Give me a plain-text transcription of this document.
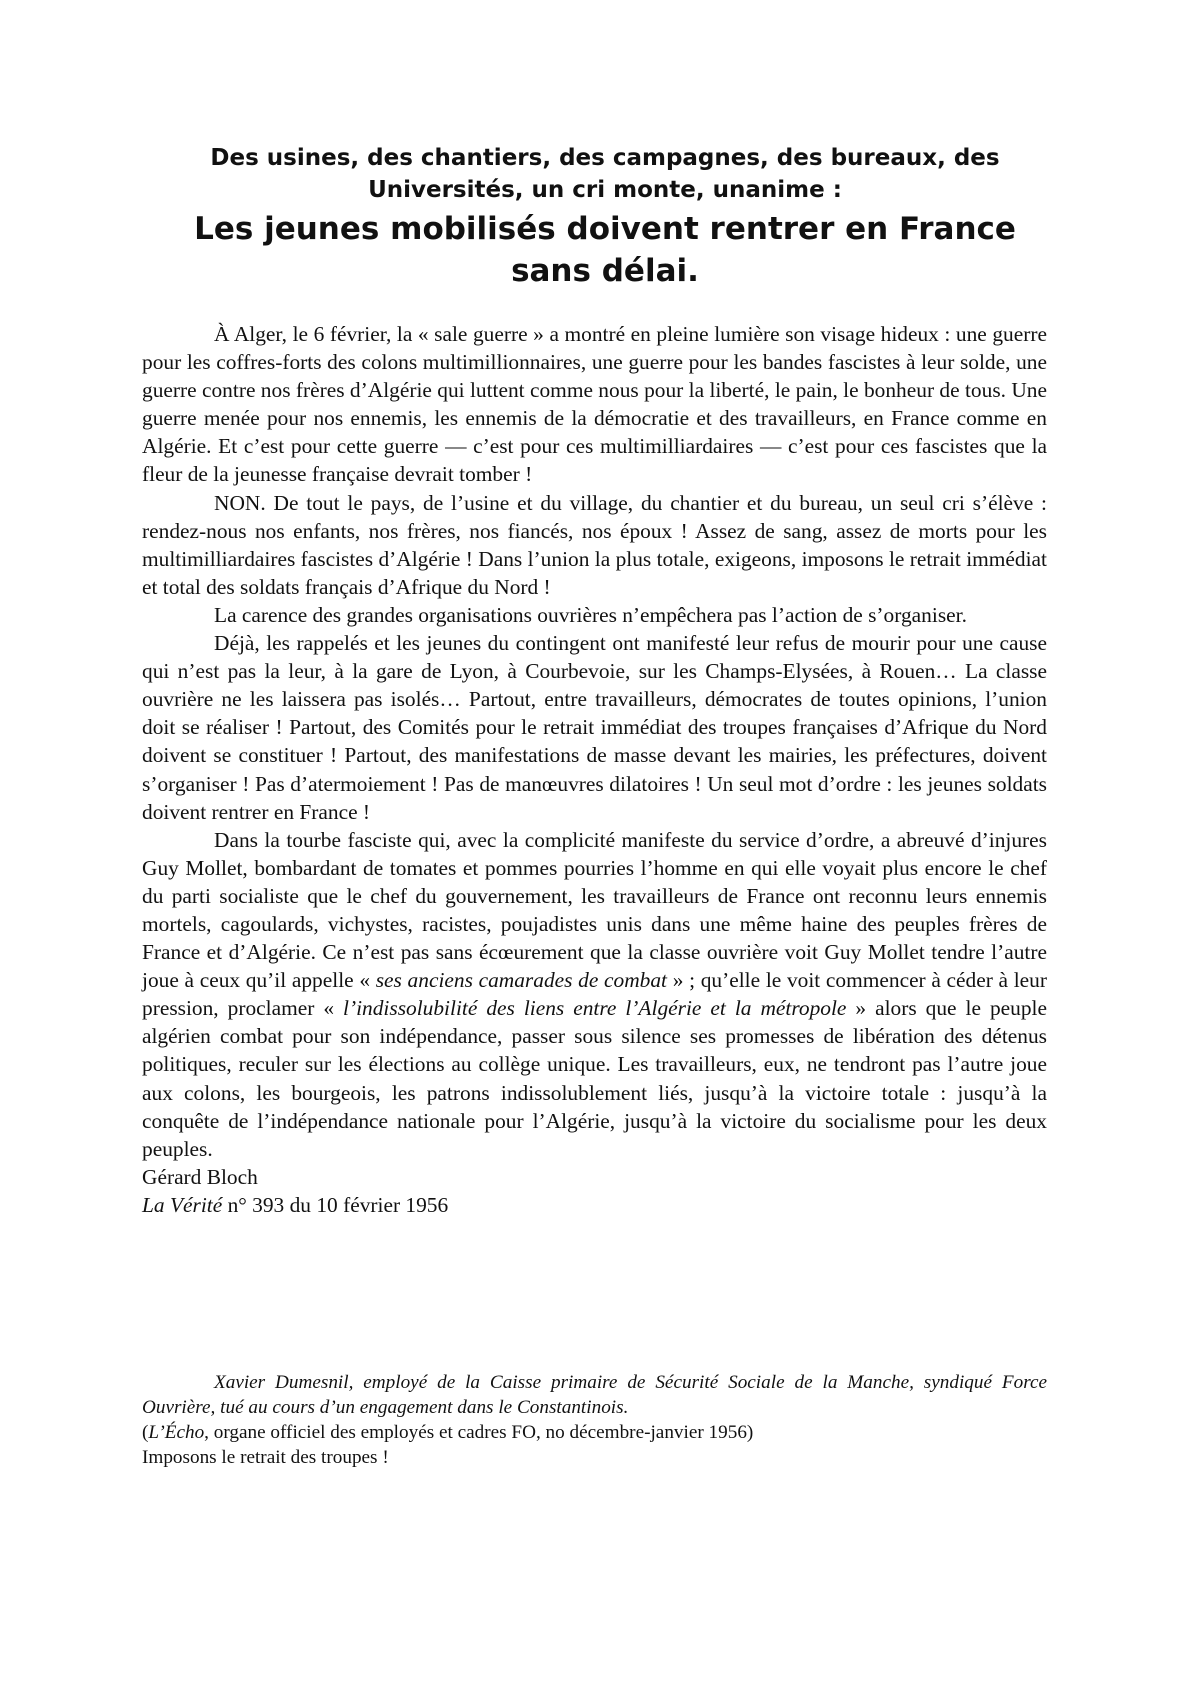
Des usines, des chantiers, des campagnes, des bureaux, des Universités, un cri monte, unanime :
Les jeunes mobilisés doivent rentrer en France sans délai.

À Alger, le 6 février, la « sale guerre » a montré en pleine lumière son visage hideux : une guerre pour les coffres-forts des colons multimillionnaires, une guerre pour les bandes fascistes à leur solde, une guerre contre nos frères d’Algérie qui luttent comme nous pour la liberté, le pain, le bonheur de tous. Une guerre menée pour nos ennemis, les ennemis de la démocratie et des travailleurs, en France comme en Algérie. Et c’est pour cette guerre — c’est pour ces multimilliardaires — c’est pour ces fascistes que la fleur de la jeunesse française devrait tomber !

NON. De tout le pays, de l’usine et du village, du chantier et du bureau, un seul cri s’élève : rendez-nous nos enfants, nos frères, nos fiancés, nos époux ! Assez de sang, assez de morts pour les multimilliardaires fascistes d’Algérie ! Dans l’union la plus totale, exigeons, imposons le retrait immédiat et total des soldats français d’Afrique du Nord !

La carence des grandes organisations ouvrières n’empêchera pas l’action de s’organiser.

Déjà, les rappelés et les jeunes du contingent ont manifesté leur refus de mourir pour une cause qui n’est pas la leur, à la gare de Lyon, à Courbevoie, sur les Champs-Elysées, à Rouen… La classe ouvrière ne les laissera pas isolés… Partout, entre travailleurs, démocrates de toutes opinions, l’union doit se réaliser ! Partout, des Comités pour le retrait immédiat des troupes françaises d’Afrique du Nord doivent se constituer ! Partout, des manifestations de masse devant les mairies, les préfectures, doivent s’organiser ! Pas d’atermoiement ! Pas de manœuvres dilatoires ! Un seul mot d’ordre : les jeunes soldats doivent rentrer en France !

Dans la tourbe fasciste qui, avec la complicité manifeste du service d’ordre, a abreuvé d’injures Guy Mollet, bombardant de tomates et pommes pourries l’homme en qui elle voyait plus encore le chef du parti socialiste que le chef du gouvernement, les travailleurs de France ont reconnu leurs ennemis mortels, cagoulards, vichystes, racistes, poujadistes unis dans une même haine des peuples frères de France et d’Algérie. Ce n’est pas sans écœurement que la classe ouvrière voit Guy Mollet tendre l’autre joue à ceux qu’il appelle « ses anciens camarades de combat » ; qu’elle le voit commencer à céder à leur pression, proclamer « l’indissolubilité des liens entre l’Algérie et la métropole » alors que le peuple algérien combat pour son indépendance, passer sous silence ses promesses de libération des détenus politiques, reculer sur les élections au collège unique. Les travailleurs, eux, ne tendront pas l’autre joue aux colons, les bourgeois, les patrons indissolublement liés, jusqu’à la victoire totale : jusqu’à la conquête de l’indépendance nationale pour l’Algérie, jusqu’à la victoire du socialisme pour les deux peuples.

Gérard Bloch

La Vérité n° 393 du 10 février 1956

Xavier Dumesnil, employé de la Caisse primaire de Sécurité Sociale de la Manche, syndiqué Force Ouvrière, tué au cours d’un engagement dans le Constantinois.

(L’Écho, organe officiel des employés et cadres FO, no décembre-janvier 1956)

Imposons le retrait des troupes !
